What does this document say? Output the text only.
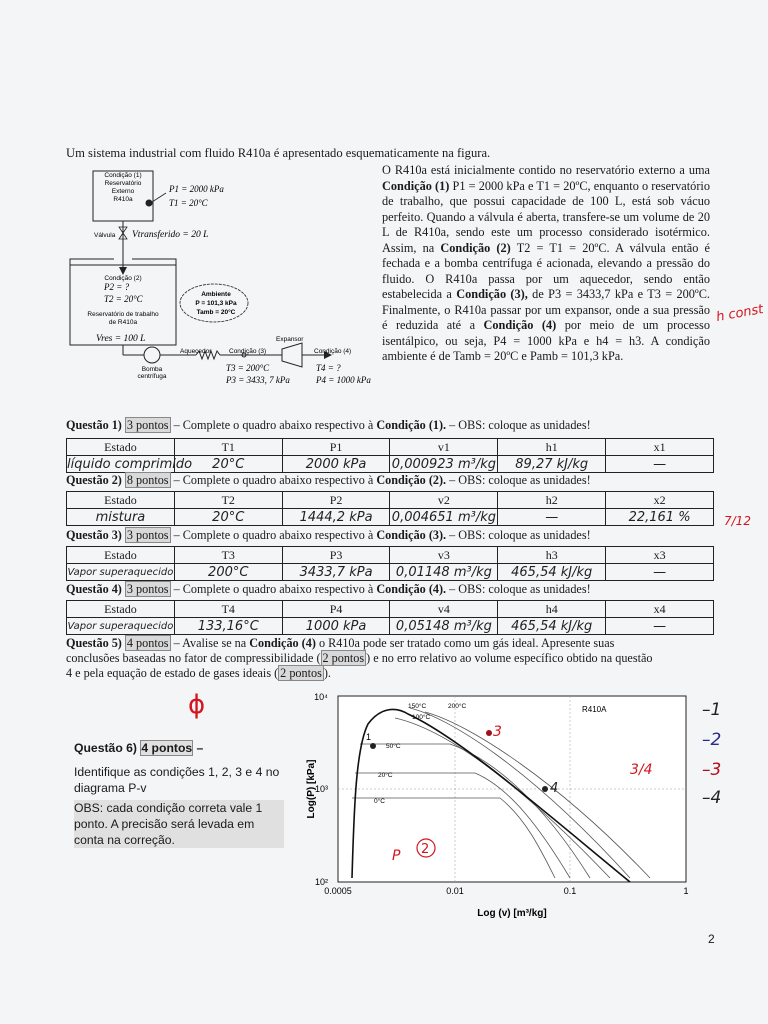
Um sistema industrial com fluido R410a é apresentado esquematicamente na figura.
Condição (1)
Reservatório
Externo
R410a
P1 = 2000 kPa
T1 = 20°C
Válvula Vtransferido = 20 L
Condição (2)
P2 = ?
T2 = 20°C
Reservatório de trabalho
de R410a
Vres = 100 L
Ambiente
P = 101,3 kPa
Tamb = 20°C
Aquecedor	Condição (3)
Expansor
Condição (4)
Bomba
centrífuga
T3 = 200°C
P3 = 3433, 7 kPa
T4 = ?
P4 = 1000 kPa
O R410a está inicialmente contido no reservatório externo a uma Condição (1) P1 = 2000 kPa e T1 = 20ºC, enquanto o reservatório de trabalho, que possui capacidade de 100 L, está sob vácuo perfeito. Quando a válvula é aberta, transfere-se um volume de 20 L de R410a, sendo este um processo considerado isotérmico. Assim, na Condição (2) T2 = T1 = 20ºC. A válvula então é fechada e a bomba centrífuga é acionada, elevando a pressão do fluido. O R410a passa por um aquecedor, sendo então estabelecida a Condição (3), de P3 = 3433,7 kPa e T3 = 200ºC. Finalmente, o R410a passar por um expansor, onde a sua pressão é reduzida até a Condição (4) por meio de um processo isentálpico, ou seja, P4 = 1000 kPa e h4 = h3. A condição ambiente é de Tamb = 20ºC e Pamb = 101,3 kPa.
h const
Questão 1) 3 pontos – Complete o quadro abaixo respectivo à Condição (1). – OBS: coloque as unidades!
Estado	T1	P1	v1	h1	x1
líquido comprimido	20°C	2000 kPa	0,000923 m³/kg	89,27 kJ/kg	—
Questão 2) 8 pontos – Complete o quadro abaixo respectivo à Condição (2). – OBS: coloque as unidades!
Estado	T2	P2	v2	h2	x2
mistura	20°C	1444,2 kPa	0,004651 m³/kg	—	22,161 %	7/12
Questão 3) 3 pontos – Complete o quadro abaixo respectivo à Condição (3). – OBS: coloque as unidades!
Estado	T3	P3	v3	h3	x3
Vapor superaquecido	200°C	3433,7 kPa	0,01148 m³/kg	465,54 kJ/kg	—
Questão 4) 3 pontos – Complete o quadro abaixo respectivo à Condição (4). – OBS: coloque as unidades!
Estado	T4	P4	v4	h4	x4
Vapor superaquecido	133,16°C	1000 kPa	0,05148 m³/kg	465,54 kJ/kg	—
Questão 5) 4 pontos – Avalise se na Condição (4) o R410a pode ser tratado como um gás ideal. Apresente suas
conclusões baseadas no fator de compressibilidade ( 2 pontos ) e no erro relativo ao volume específico obtido na questão
4 e pela equação de estado de gases ideais ( 2 pontos ).
ϕ
Questão 6) 4 pontos –
Identifique as condições 1, 2, 3 e 4 no diagrama P-v
OBS: cada condição correta vale 1 ponto. A precisão será levada em conta na correção.
150°C	200°C
100°C
50°C
20°C
0°C
R410A
1	3
4
10⁴
10³
10²
0.0005	0.01	0.1	1
Log (v) [m³/kg]
Log(P) [kPa]
P 2
–1
–2
–3
–4
3/4
2
